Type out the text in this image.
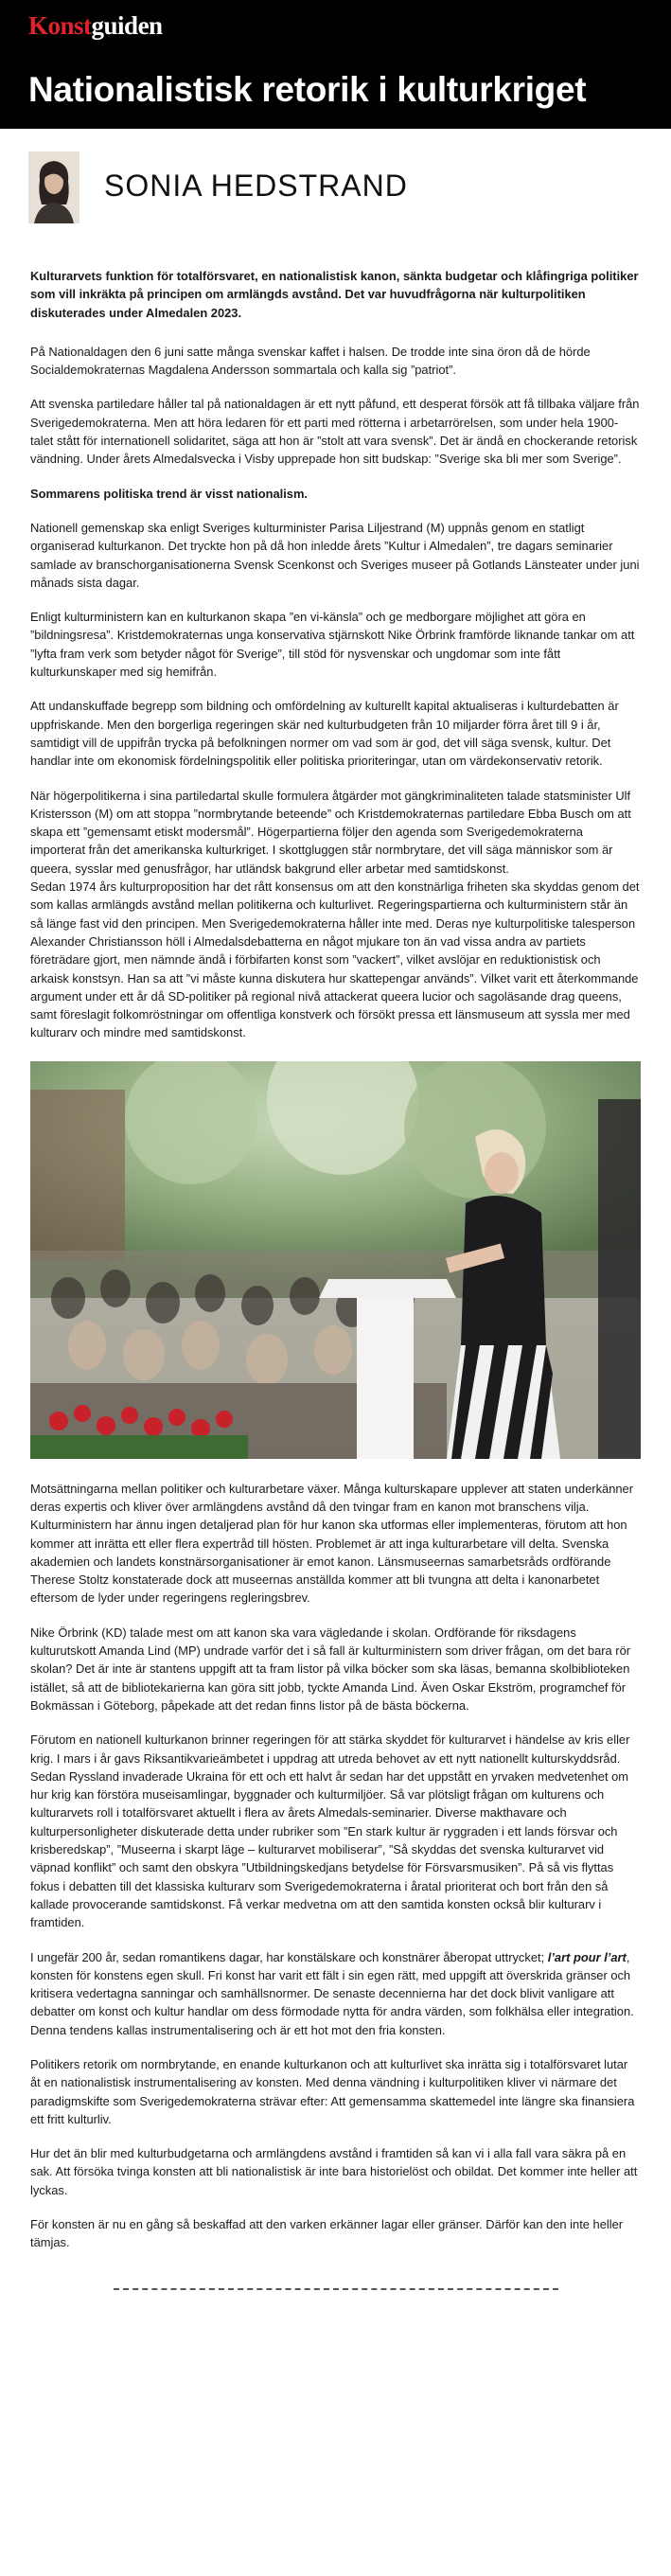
Konstguiden
Nationalistisk retorik i kulturkriget
SONIA HEDSTRAND

Kulturarvets funktion för totalförsvaret, en nationalistisk kanon, sänkta budgetar och klåfingriga politiker som vill inkräkta på principen om armlängds avstånd. Det var huvudfrågorna när kulturpolitiken diskuterades under Almedalen 2023.

På Nationaldagen den 6 juni satte många svenskar kaffet i halsen. De trodde inte sina öron då de hörde Socialdemokraternas Magdalena Andersson sommartala och kalla sig ”patriot”.

Att svenska partiledare håller tal på nationaldagen är ett nytt påfund, ett desperat försök att få tillbaka väljare från Sverigedemokraterna. Men att höra ledaren för ett parti med rötterna i arbetarrörelsen, som under hela 1900-talet stått för internationell solidaritet, säga att hon är ”stolt att vara svensk”. Det är ändå en chockerande retorisk vändning. Under årets Almedalsvecka i Visby upprepade hon sitt budskap: ”Sverige ska bli mer som Sverige”.

Sommarens politiska trend är visst nationalism.

Nationell gemenskap ska enligt Sveriges kulturminister Parisa Liljestrand (M) uppnås genom en statligt organiserad kulturkanon. Det tryckte hon på då hon inledde årets ”Kultur i Almedalen”, tre dagars seminarier samlade av branschorganisationerna Svensk Scenkonst och Sveriges museer på Gotlands Länsteater under juni månads sista dagar.

Enligt kulturministern kan en kulturkanon skapa ”en vi-känsla” och ge medborgare möjlighet att göra en ”bildningsresa”. Kristdemokraternas unga konservativa stjärnskott Nike Örbrink framförde liknande tankar om att ”lyfta fram verk som betyder något för Sverige”, till stöd för nysvenskar och ungdomar som inte fått kulturkunskaper med sig hemifrån.

Att undanskuffade begrepp som bildning och omfördelning av kulturellt kapital aktualiseras i kulturdebatten är uppfriskande. Men den borgerliga regeringen skär ned kulturbudgeten från 10 miljarder förra året till 9 i år, samtidigt vill de uppifrån trycka på befolkningen normer om vad som är god, det vill säga svensk, kultur. Det handlar inte om ekonomisk fördelningspolitik eller politiska prioriteringar, utan om värdekonservativ retorik.

När högerpolitikerna i sina partiledartal skulle formulera åtgärder mot gängkriminaliteten talade statsminister Ulf Kristersson (M) om att stoppa ”normbrytande beteende” och Kristdemokraternas partiledare Ebba Busch om att skapa ett ”gemensamt etiskt modersmål”. Högerpartierna följer den agenda som Sverigedemokraterna importerat från det amerikanska kulturkriget. I skottgluggen står normbrytare, det vill säga människor som är queera, sysslar med genusfrågor, har utländsk bakgrund eller arbetar med samtidskonst.

Sedan 1974 års kulturproposition har det rått konsensus om att den konstnärliga friheten ska skyddas genom det som kallas armlängds avstånd mellan politikerna och kulturlivet. Regeringspartierna och kulturministern står än så länge fast vid den principen. Men Sverigedemokraterna håller inte med. Deras nye kulturpolitiske talesperson Alexander Christiansson höll i Almedalsdebatterna en något mjukare ton än vad vissa andra av partiets företrädare gjort, men nämnde ändå i förbifarten konst som ”vackert”, vilket avslöjar en reduktionistisk och arkaisk konstsyn. Han sa att ”vi måste kunna diskutera hur skattepengar används”. Vilket varit ett återkommande argument under ett år då SD-politiker på regional nivå attackerat queera lucior och sagoläsande drag queens, samt föreslagit folkomröstningar om offentliga konstverk och försökt pressa ett länsmuseum att syssla mer med kulturarv och mindre med samtidskonst.

Motsättningarna mellan politiker och kulturarbetare växer. Många kulturskapare upplever att staten underkänner deras expertis och kliver över armlängdens avstånd då den tvingar fram en kanon mot branschens vilja. Kulturministern har ännu ingen detaljerad plan för hur kanon ska utformas eller implementeras, förutom att hon kommer att inrätta ett eller flera expertråd till hösten. Problemet är att inga kulturarbetare vill delta. Svenska akademien och landets konstnärsorganisationer är emot kanon. Länsmuseernas samarbetsråds ordförande Therese Stoltz konstaterade dock att museernas anställda kommer att bli tvungna att delta i kanonarbetet eftersom de lyder under regeringens regleringsbrev.

Nike Örbrink (KD) talade mest om att kanon ska vara vägledande i skolan. Ordförande för riksdagens kulturutskott Amanda Lind (MP) undrade varför det i så fall är kulturministern som driver frågan, om det bara rör skolan? Det är inte är stantens uppgift att ta fram listor på vilka böcker som ska läsas, bemanna skolbiblioteken istället, så att de bibliotekarierna kan göra sitt jobb, tyckte Amanda Lind. Även Oskar Ekström, programchef för Bokmässan i Göteborg, påpekade att det redan finns listor på de bästa böckerna.

Förutom en nationell kulturkanon brinner regeringen för att stärka skyddet för kulturarvet i händelse av kris eller krig. I mars i år gavs Riksantikvarieämbetet i uppdrag att utreda behovet av ett nytt nationellt kulturskyddsråd. Sedan Ryssland invaderade Ukraina för ett och ett halvt år sedan har det uppstått en yrvaken medvetenhet om hur krig kan förstöra museisamlingar, byggnader och kulturmiljöer. Så var plötsligt frågan om kulturens och kulturarvets roll i totalförsvaret aktuellt i flera av årets Almedals-seminarier. Diverse makthavare och kulturpersonligheter diskuterade detta under rubriker som ”En stark kultur är ryggraden i ett lands försvar och krisberedskap”, ”Museerna i skarpt läge – kulturarvet mobiliserar”, ”Så skyddas det svenska kulturarvet vid väpnad konflikt” och samt den obskyra ”Utbildningskedjans betydelse för Försvarsmusiken”. På så vis flyttas fokus i debatten till det klassiska kulturarv som Sverigedemokraterna i åratal prioriterat och bort från den så kallade provocerande samtidskonst. Få verkar medvetna om att den samtida konsten också blir kulturarv i framtiden.

I ungefär 200 år, sedan romantikens dagar, har konstälskare och konstnärer åberopat uttrycket; l’art pour l’art, konsten för konstens egen skull. Fri konst har varit ett fält i sin egen rätt, med uppgift att överskrida gränser och kritisera vedertagna sanningar och samhällsnormer. De senaste decennierna har det dock blivit vanligare att debatter om konst och kultur handlar om dess förmodade nytta för andra värden, som folkhälsa eller integration. Denna tendens kallas instrumentalisering och är ett hot mot den fria konsten.

Politikers retorik om normbrytande, en enande kulturkanon och att kulturlivet ska inrätta sig i totalförsvaret lutar åt en nationalistisk instrumentalisering av konsten. Med denna vändning i kulturpolitiken kliver vi närmare det paradigmskifte som Sverigedemokraterna strävar efter: Att gemensamma skattemedel inte längre ska finansiera ett fritt kulturliv.

Hur det än blir med kulturbudgetarna och armlängdens avstånd i framtiden så kan vi i alla fall vara säkra på en sak. Att försöka tvinga konsten att bli nationalistisk är inte bara historielöst och obildat. Det kommer inte heller att lyckas.

För konsten är nu en gång så beskaffad att den varken erkänner lagar eller gränser. Därför kan den inte heller tämjas.
